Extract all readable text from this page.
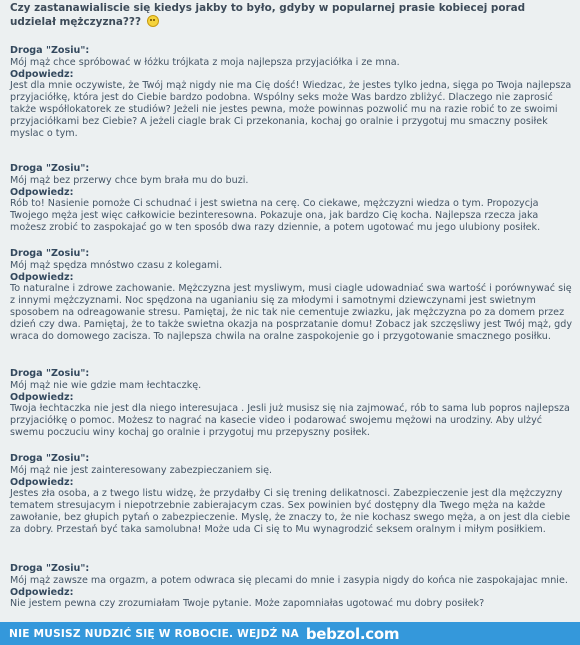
Czy zastanawialiscie się kiedys jakby to było, gdyby w popularnej prasie kobiecej porad udzielał mężczyzna???
Droga "Zosiu":
Mój mąż chce spróbować w łóżku trójkata z moja najlepsza przyjaciółka i ze mna.
Odpowiedz:
Jest dla mnie oczywiste, że Twój mąż nigdy nie ma Cię dość! Wiedzac, że jestes tylko jedna, sięga po Twoja najlepsza przyjaciółkę, która jest do Ciebie bardzo podobna. Wspólny seks może Was bardzo zbliżyć. Dlaczego nie zaprosić także współlokatorek ze studiów? Jeżeli nie jestes pewna, może powinnas pozwolić mu na razie robić to ze swoimi przyjaciółkami bez Ciebie? A jeżeli ciagle brak Ci przekonania, kochaj go oralnie i przygotuj mu smaczny posiłek myslac o tym.
Droga "Zosiu":
Mój mąż bez przerwy chce bym brała mu do buzi.
Odpowiedz:
Rób to! Nasienie pomoże Ci schudnać i jest swietna na cerę. Co ciekawe, mężczyzni wiedza o tym. Propozycja Twojego męża jest więc całkowicie bezinteresowna. Pokazuje ona, jak bardzo Cię kocha. Najlepsza rzecza jaka możesz zrobić to zaspokajać go w ten sposób dwa razy dziennie, a potem ugotować mu jego ulubiony posiłek.
Droga "Zosiu":
Mój mąż spędza mnóstwo czasu z kolegami.
Odpowiedz:
To naturalne i zdrowe zachowanie. Mężczyzna jest mysliwym, musi ciagle udowadniać swa wartość i porównywać się z innymi mężczyznami. Noc spędzona na uganianiu się za młodymi i samotnymi dziewczynami jest swietnym sposobem na odreagowanie stresu. Pamiętaj, że nic tak nie cementuje zwiazku, jak mężczyzna po za domem przez dzień czy dwa. Pamiętaj, że to także swietna okazja na posprzatanie domu! Zobacz jak szczęsliwy jest Twój mąż, gdy wraca do domowego zacisza. To najlepsza chwila na oralne zaspokojenie go i przygotowanie smacznego posiłku.
Droga "Zosiu":
Mój mąż nie wie gdzie mam łechtaczkę.
Odpowiedz:
Twoja łechtaczka nie jest dla niego interesujaca . Jesli już musisz się nia zajmować, rób to sama lub popros najlepsza przyjaciółkę o pomoc. Możesz to nagrać na kasecie video i podarować swojemu mężowi na urodziny. Aby ulżyć swemu poczuciu winy kochaj go oralnie i przygotuj mu przepyszny posiłek.
Droga "Zosiu":
Mój mąż nie jest zainteresowany zabezpieczaniem się.
Odpowiedz:
Jestes zła osoba, a z twego listu widzę, że przydałby Ci się trening delikatnosci. Zabezpieczenie jest dla mężczyzny tematem stresujacym i niepotrzebnie zabierajacym czas. Sex powinien być dostępny dla Twego męża na każde zawołanie, bez głupich pytań o zabezpieczenie. Myslę, że znaczy to, że nie kochasz swego męża, a on jest dla ciebie za dobry. Przestań być taka samolubna! Może uda Ci się to Mu wynagrodzić seksem oralnym i miłym posiłkiem.
Droga "Zosiu":
Mój mąż zawsze ma orgazm, a potem odwraca się plecami do mnie i zasypia nigdy do końca nie zaspokajajac mnie.
Odpowiedz:
Nie jestem pewna czy zrozumiałam Twoje pytanie. Może zapomniałas ugotować mu dobry posiłek?
NIE MUSISZ NUDZIĆ SIĘ W ROBOCIE. WEJDŹ NA bebzol.com
